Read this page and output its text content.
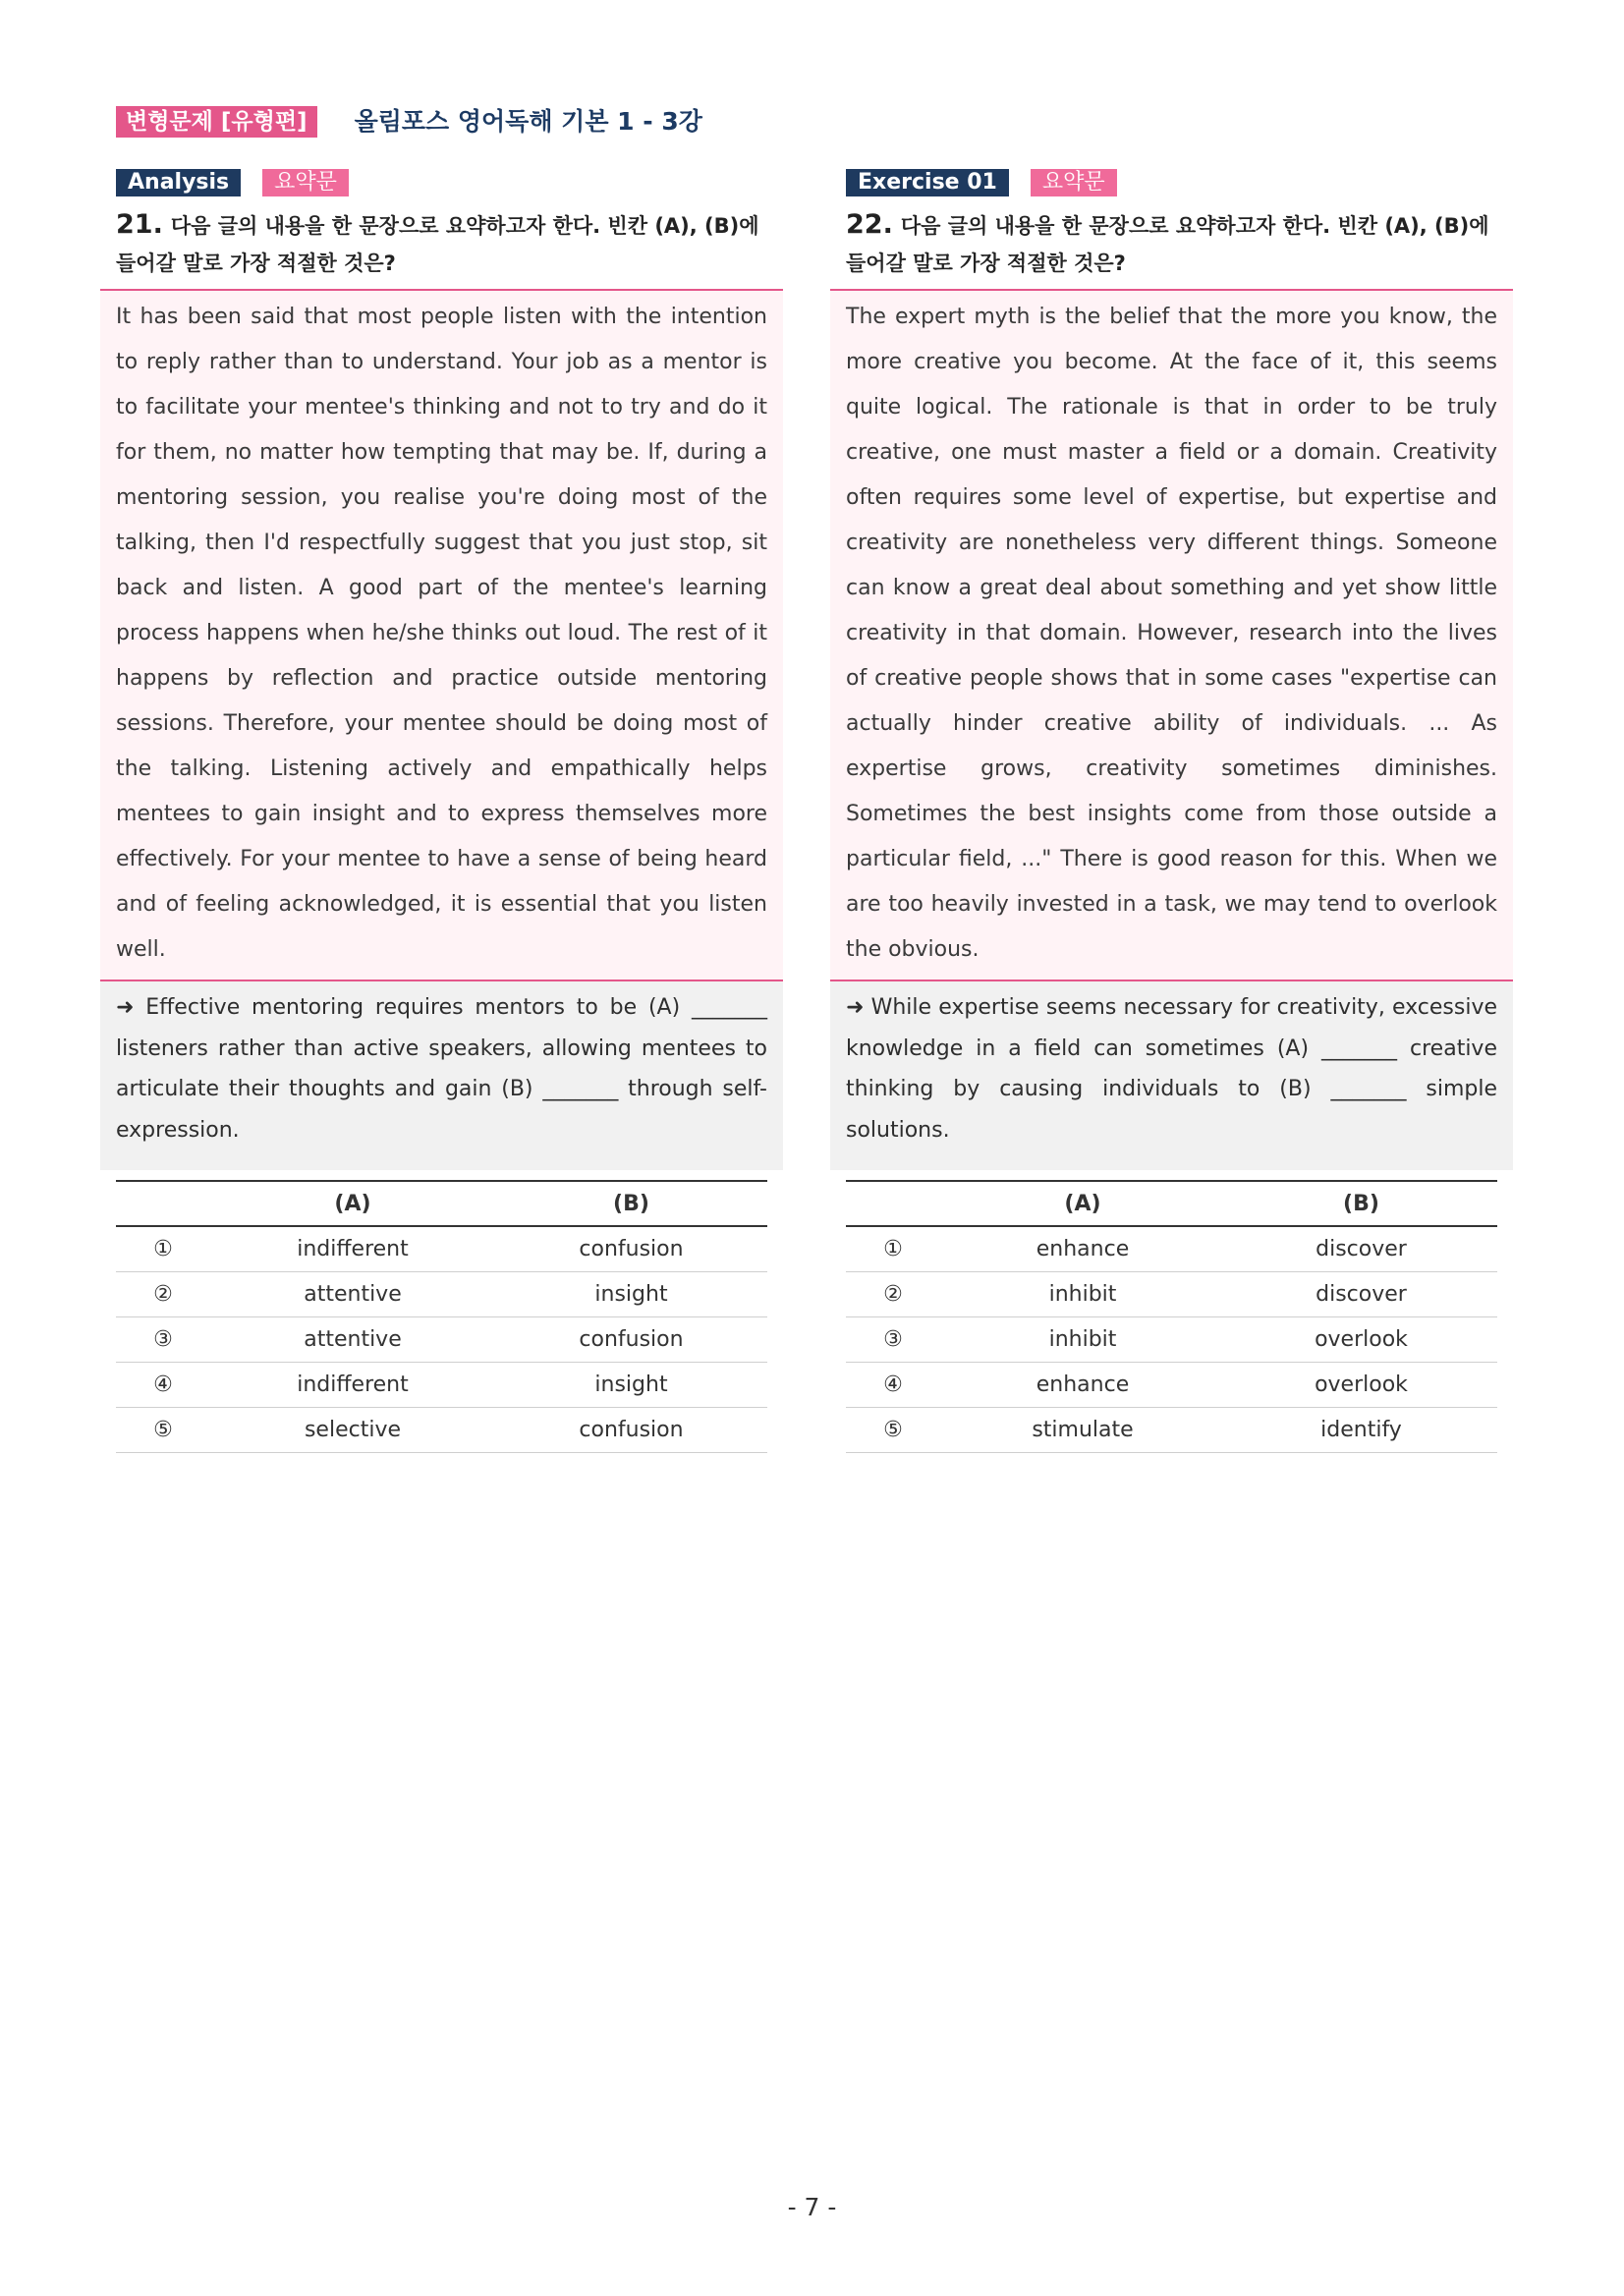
변형문제 [유형편]	올림포스 영어독해 기본 1 - 3강
Analysis	요약문
21. 다음 글의 내용을 한 문장으로 요약하고자 한다. 빈칸 (A), (B)에 들어갈 말로 가장 적절한 것은?
It has been said that most people listen with the intention to reply rather than to understand. Your job as a mentor is to facilitate your mentee's thinking and not to try and do it for them, no matter how tempting that may be. If, during a mentoring session, you realise you're doing most of the talking, then I'd respectfully suggest that you just stop, sit back and listen. A good part of the mentee's learning process happens when he/she thinks out loud. The rest of it happens by reflection and practice outside mentoring sessions. Therefore, your mentee should be doing most of the talking. Listening actively and empathically helps mentees to gain insight and to express themselves more effectively. For your mentee to have a sense of being heard and of feeling acknowledged, it is essential that you listen well.
➜ Effective mentoring requires mentors to be (A) _______ listeners rather than active speakers, allowing mentees to articulate their thoughts and gain (B) _______ through self-expression.
	(A)	(B)
①	indifferent	confusion
②	attentive	insight
③	attentive	confusion
④	indifferent	insight
⑤	selective	confusion
Exercise 01	요약문
22. 다음 글의 내용을 한 문장으로 요약하고자 한다. 빈칸 (A), (B)에 들어갈 말로 가장 적절한 것은?
The expert myth is the belief that the more you know, the more creative you become. At the face of it, this seems quite logical. The rationale is that in order to be truly creative, one must master a field or a domain. Creativity often requires some level of expertise, but expertise and creativity are nonetheless very different things. Someone can know a great deal about something and yet show little creativity in that domain. However, research into the lives of creative people shows that in some cases "expertise can actually hinder creative ability of individuals. ... As expertise grows, creativity sometimes diminishes. Sometimes the best insights come from those outside a particular field, ..." There is good reason for this. When we are too heavily invested in a task, we may tend to overlook the obvious.
➜ While expertise seems necessary for creativity, excessive knowledge in a field can sometimes (A) _______ creative thinking by causing individuals to (B) _______ simple solutions.
	(A)	(B)
①	enhance	discover
②	inhibit	discover
③	inhibit	overlook
④	enhance	overlook
⑤	stimulate	identify
- 7 -
